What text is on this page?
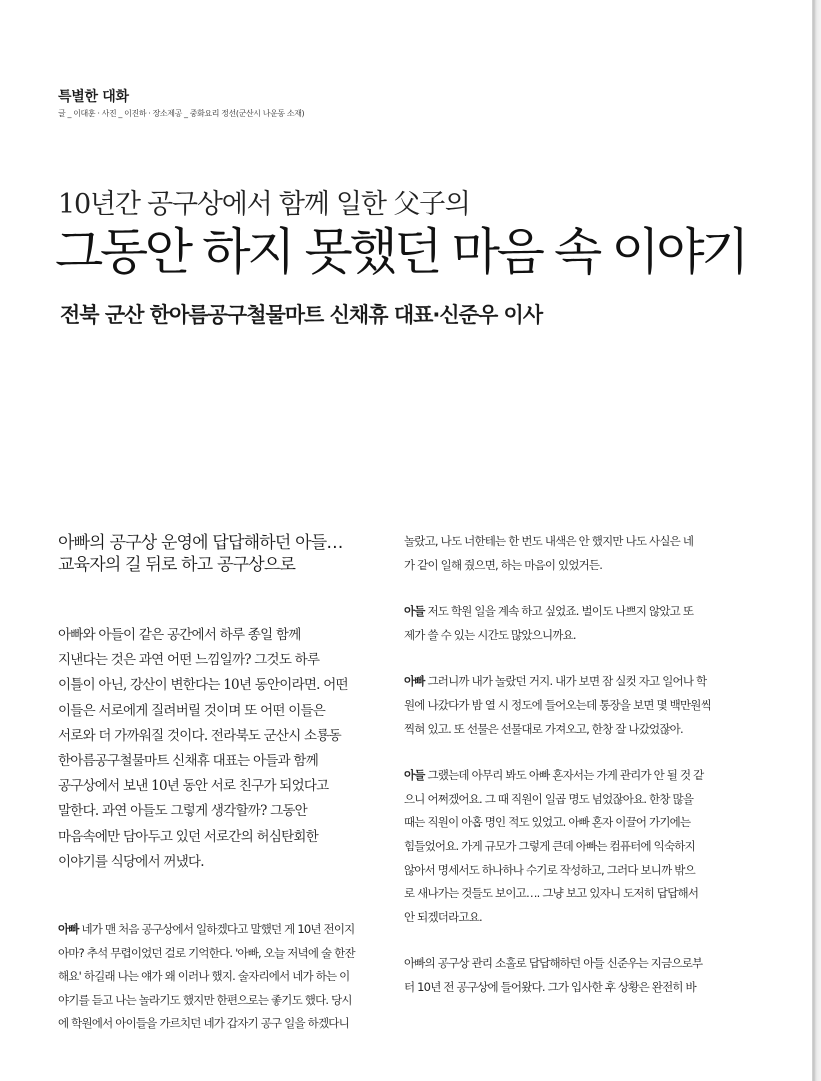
특별한 대화

글 _ 이대훈 · 사진 _ 이진하 · 장소제공 _ 중화요리 정선(군산시 나운동 소재)

10년간 공구상에서 함께 일한 父子의
그동안 하지 못했던 마음 속 이야기

전북 군산 한아름공구철물마트 신채휴 대표·신준우 이사

아빠의 공구상 운영에 답답해하던 아들…
교육자의 길 뒤로 하고 공구상으로

아빠와 아들이 같은 공간에서 하루 종일 함께
지낸다는 것은 과연 어떤 느낌일까? 그것도 하루
이틀이 아닌, 강산이 변한다는 10년 동안이라면. 어떤
이들은 서로에게 질려버릴 것이며 또 어떤 이들은
서로와 더 가까워질 것이다. 전라북도 군산시 소룡동
한아름공구철물마트 신채휴 대표는 아들과 함께
공구상에서 보낸 10년 동안 서로 친구가 되었다고
말한다. 과연 아들도 그렇게 생각할까? 그동안
마음속에만 담아두고 있던 서로간의 허심탄회한
이야기를 식당에서 꺼냈다.

아빠 네가 맨 처음 공구상에서 일하겠다고 말했던 게 10년 전이지
아마? 추석 무렵이었던 걸로 기억한다. '아빠, 오늘 저녁에 술 한잔
해요' 하길래 나는 얘가 왜 이러나 했지. 술자리에서 네가 하는 이
야기를 듣고 나는 놀라기도 했지만 한편으로는 좋기도 했다. 당시
에 학원에서 아이들을 가르치던 네가 갑자기 공구 일을 하겠다니

놀랐고, 나도 너한테는 한 번도 내색은 안 했지만 나도 사실은 네
가 같이 일해 줬으면, 하는 마음이 있었거든.

아들 저도 학원 일을 계속 하고 싶었죠. 벌이도 나쁘지 않았고 또
제가 쓸 수 있는 시간도 많았으니까요.

아빠 그러니까 내가 놀랐던 거지. 내가 보면 잠 실컷 자고 일어나 학
원에 나갔다가 밤 열 시 정도에 들어오는데 통장을 보면 몇 백만원씩
찍혀 있고. 또 선물은 선물대로 가져오고, 한창 잘 나갔었잖아.

아들 그랬는데 아무리 봐도 아빠 혼자서는 가게 관리가 안 될 것 같
으니 어쩌겠어요. 그 때 직원이 일곱 명도 넘었잖아요. 한창 많을
때는 직원이 아홉 명인 적도 있었고. 아빠 혼자 이끌어 가기에는
힘들었어요. 가게 규모가 그렇게 큰데 아빠는 컴퓨터에 익숙하지
않아서 명세서도 하나하나 수기로 작성하고, 그러다 보니까 밖으
로 새나가는 것들도 보이고…. 그냥 보고 있자니 도저히 답답해서
안 되겠더라고요.

아빠의 공구상 관리 소홀로 답답해하던 아들 신준우는 지금으로부
터 10년 전 공구상에 들어왔다. 그가 입사한 후 상황은 완전히 바
